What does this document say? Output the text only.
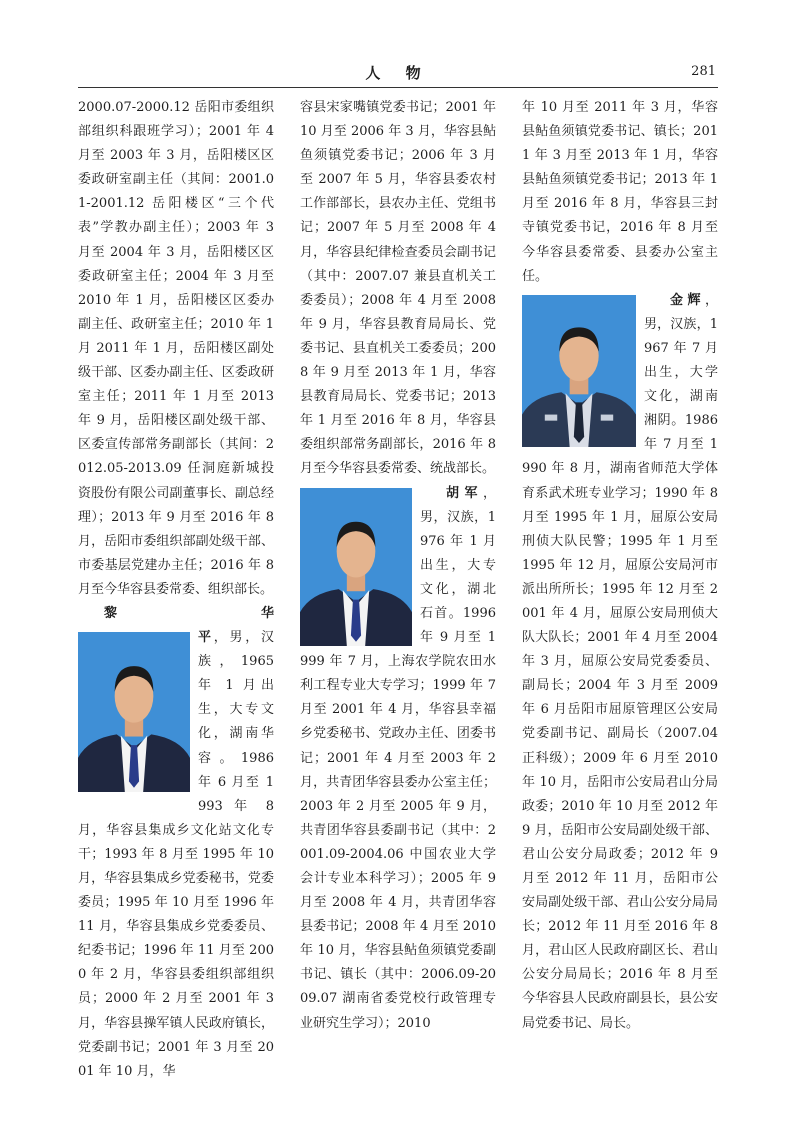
人 物	281

2000.07-2000.12 岳阳市委组织部组织科跟班学习）；2001 年 4 月至 2003 年 3 月，岳阳楼区区委政研室副主任（其间：2001.01-2001.12 岳阳楼区“三个代表”学教办副主任）；2003 年 3 月至 2004 年 3 月，岳阳楼区区委政研室主任；2004 年 3 月至 2010 年 1 月，岳阳楼区区委办副主任、政研室主任；2010 年 1 月 2011 年 1 月，岳阳楼区副处级干部、区委办副主任、区委政研室主任；2011 年 1 月至 2013 年 9 月，岳阳楼区副处级干部、区委宣传部常务副部长（其间：2012.05-2013.09 任洞庭新城投资股份有限公司副董事长、副总经理）；2013 年 9 月至 2016 年 8 月，岳阳市委组织部副处级干部、市委基层党建办主任；2016 年 8 月至今华容县委常委、组织部长。

黎华平
，男，汉族，1965 年 1 月出生，大专文化，湖南华容。1986 年 6 月至 1993 年 8 月，华容县集成乡文化站文化专干；1993 年 8 月至 1995 年 10 月，华容县集成乡党委秘书，党委委员；1995 年 10 月至 1996 年 11 月，华容县集成乡党委委员、纪委书记；1996 年 11 月至 2000 年 2 月，华容县委组织部组织员；2000 年 2 月至 2001 年 3 月，华容县操军镇人民政府镇长，党委副书记；2001 年 3 月至 2001 年 10 月，华

容县宋家嘴镇党委书记；2001 年 10 月至 2006 年 3 月，华容县鲇鱼须镇党委书记；2006 年 3 月至 2007 年 5 月，华容县委农村工作部部长，县农办主任、党组书记；2007 年 5 月至 2008 年 4 月，华容县纪律检查委员会副书记（其中：2007.07 兼县直机关工委委员）；2008 年 4 月至 2008 年 9 月，华容县教育局局长、党委书记、县直机关工委委员；2008 年 9 月至 2013 年 1 月，华容县教育局局长、党委书记；2013 年 1 月至 2016 年 8 月，华容县委组织部常务副部长，2016 年 8 月至今华容县委常委、统战部长。

胡军
，男，汉族，1976 年 1 月出生，大专文化，湖北石首。1996 年 9 月至 1999 年 7 月，上海农学院农田水利工程专业大专学习；1999 年 7 月至 2001 年 4 月，华容县幸福乡党委秘书、党政办主任、团委书记；2001 年 4 月至 2003 年 2 月，共青团华容县委办公室主任；2003 年 2 月至 2005 年 9 月，共青团华容县委副书记（其中：2001.09-2004.06 中国农业大学会计专业本科学习）；2005 年 9 月至 2008 年 4 月，共青团华容县委书记；2008 年 4 月至 2010 年 10 月，华容县鲇鱼须镇党委副书记、镇长（其中：2006.09-2009.07 湖南省委党校行政管理专业研究生学习）；2010

年 10 月至 2011 年 3 月，华容县鲇鱼须镇党委书记、镇长；2011 年 3 月至 2013 年 1 月，华容县鲇鱼须镇党委书记；2013 年 1 月至 2016 年 8 月，华容县三封寺镇党委书记，2016 年 8 月至今华容县委常委、县委办公室主任。

金辉
，男，汉族，1967 年 7 月出生，大学文化，湖南湘阴。1986 年 7 月至 1990 年 8 月，湖南省师范大学体育系武术班专业学习；1990 年 8 月至 1995 年 1 月，屈原公安局刑侦大队民警；1995 年 1 月至 1995 年 12 月，屈原公安局河市派出所所长；1995 年 12 月至 2001 年 4 月，屈原公安局刑侦大队大队长；2001 年 4 月至 2004 年 3 月，屈原公安局党委委员、副局长；2004 年 3 月至 2009 年 6 月岳阳市屈原管理区公安局党委副书记、副局长（2007.04 正科级）；2009 年 6 月至 2010 年 10 月，岳阳市公安局君山分局政委；2010 年 10 月至 2012 年 9 月，岳阳市公安局副处级干部、君山公安分局政委；2012 年 9 月至 2012 年 11 月，岳阳市公安局副处级干部、君山公安分局局长；2012 年 11 月至 2016 年 8 月，君山区人民政府副区长、君山公安分局局长；2016 年 8 月至今华容县人民政府副县长，县公安局党委书记、局长。
